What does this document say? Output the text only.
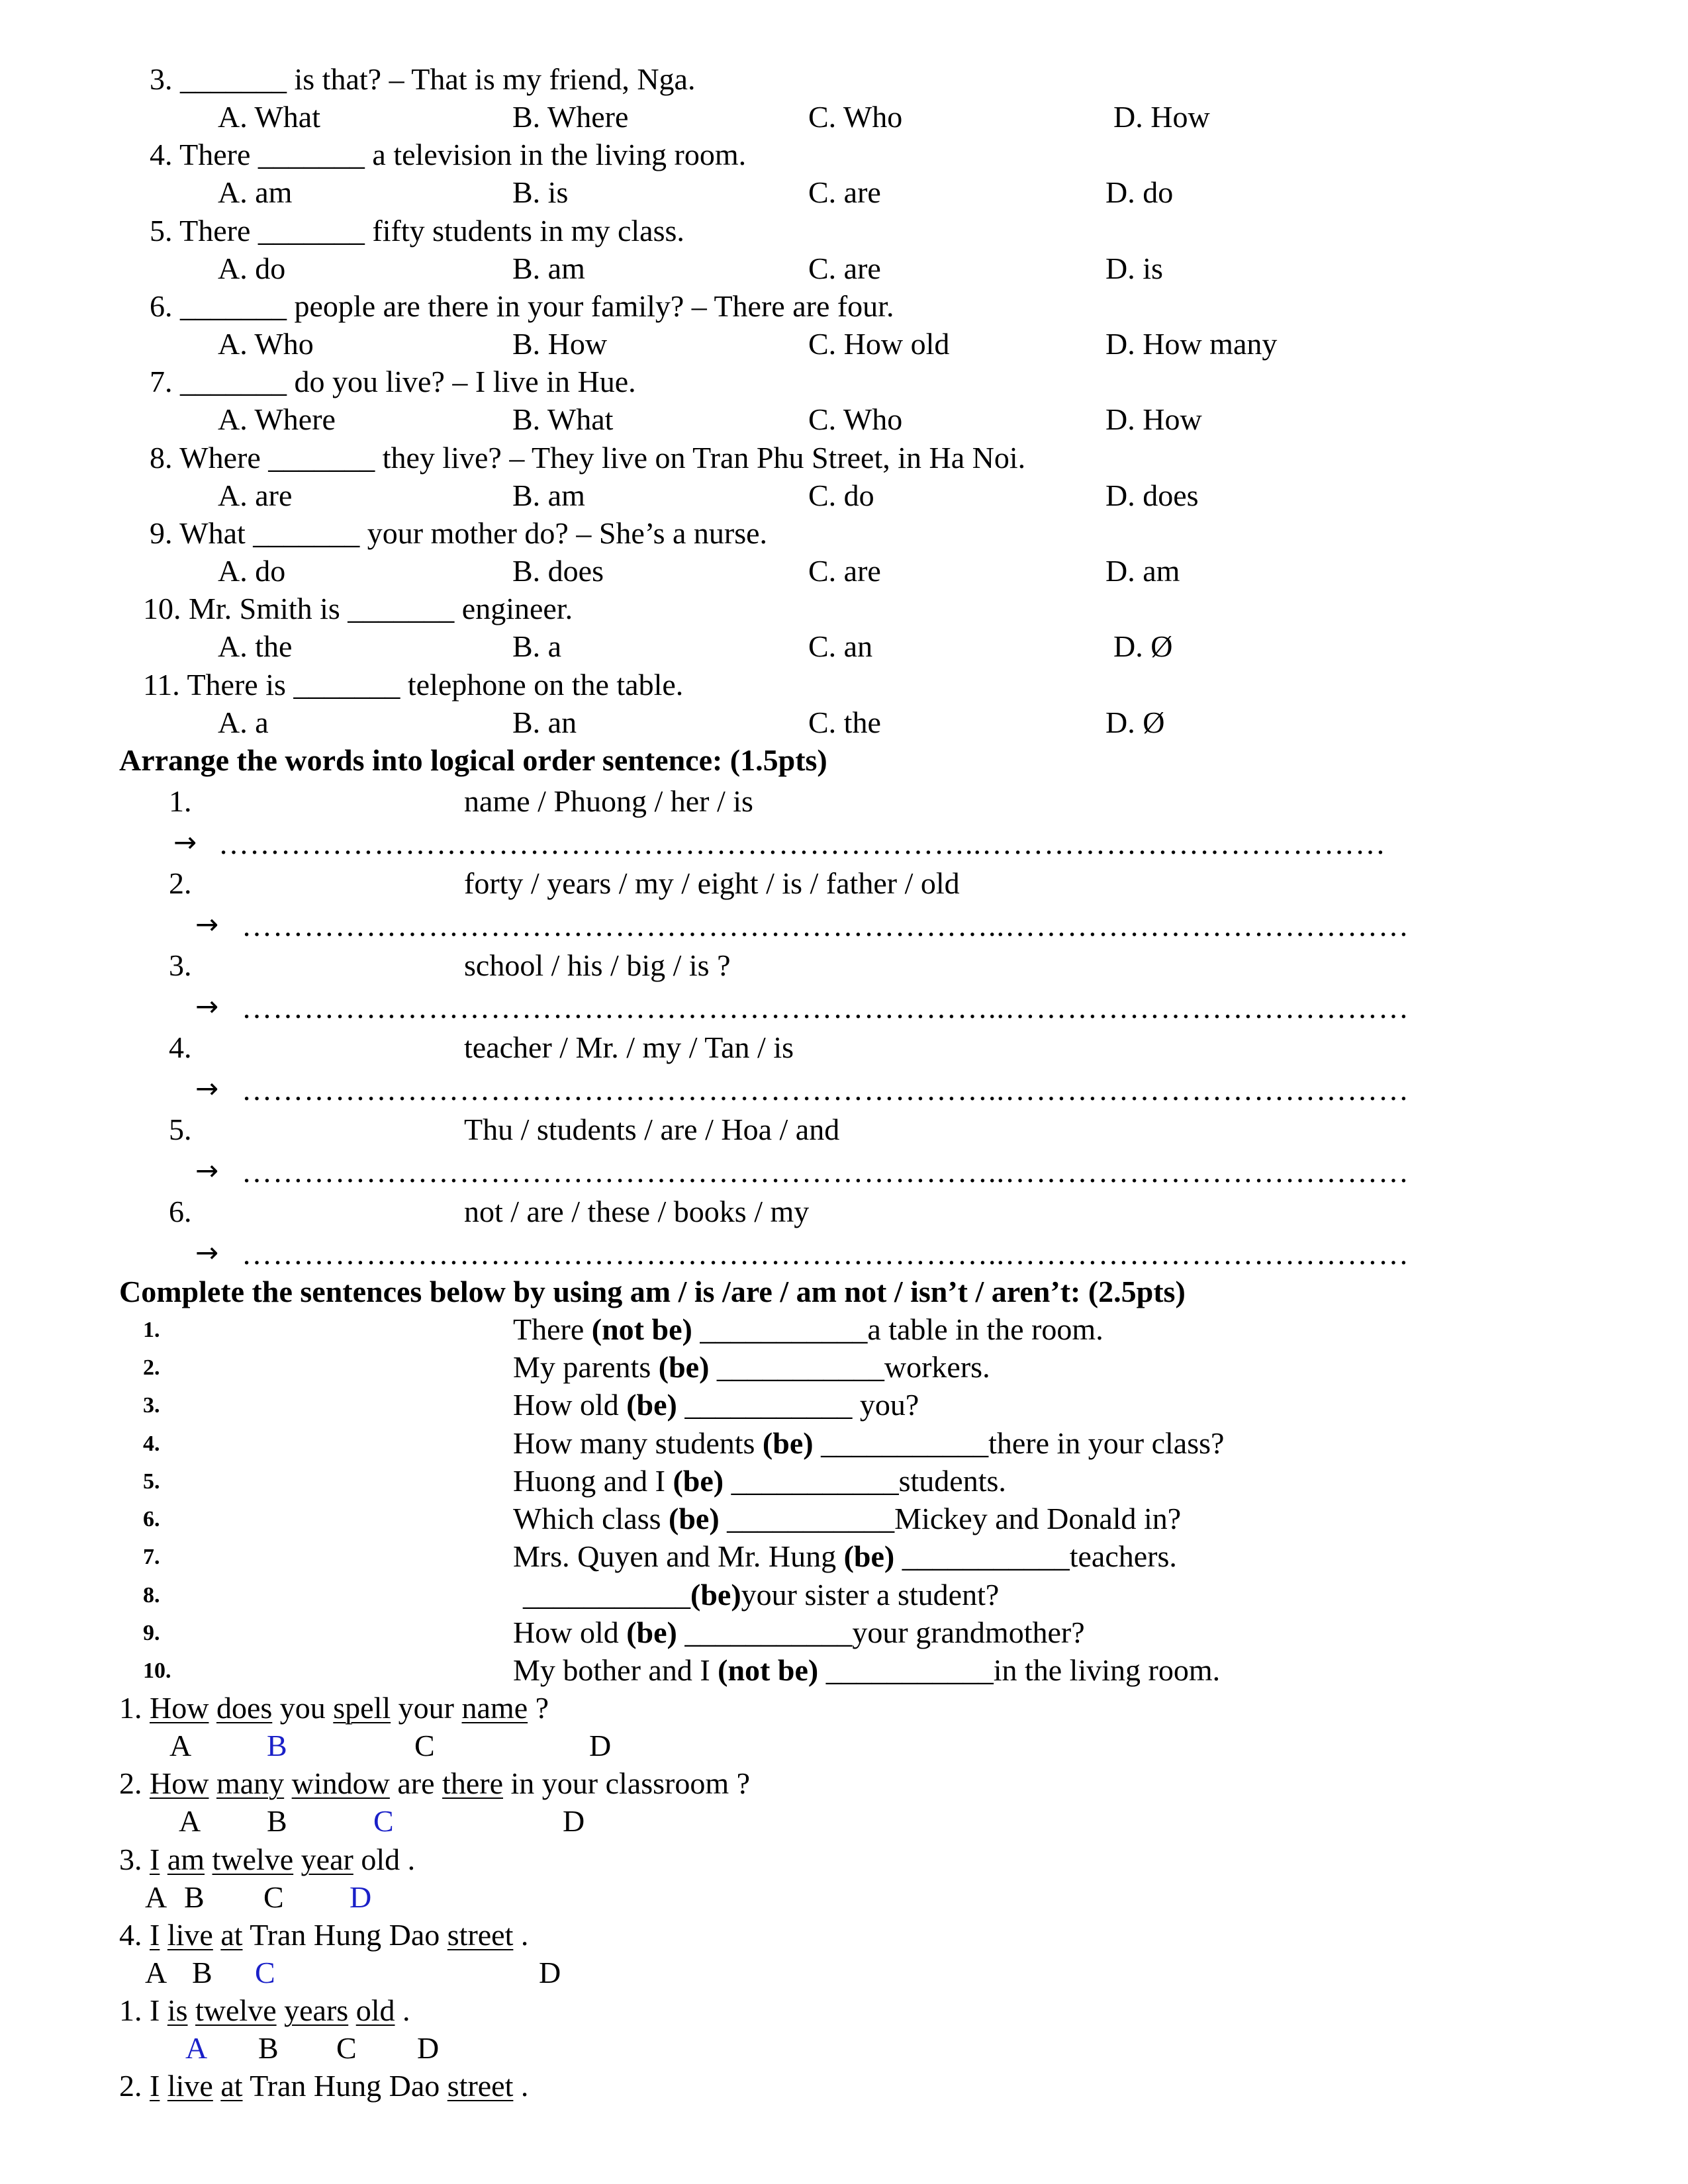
3. _______ is that? – That is my friend, Nga.
A. What	B. Where	C. Who	D. How
4. There _______ a television in the living room.
A. am	B. is	C. are	D. do
5. There _______ fifty students in my class.
A. do	B. am	C. are	D. is
6. _______ people are there in your family? – There are four.
A. Who	B. How	C. How old	D. How many
7. _______ do you live? – I live in Hue.
A. Where	B. What	C. Who	D. How
8. Where _______ they live? – They live on Tran Phu Street, in Ha Noi.
A. are	B. am	C. do	D. does
9. What _______ your mother do? – She’s a nurse.
A. do	B. does	C. are	D. am
10. Mr. Smith is _______ engineer.
A. the	B. a	C. an	D. Ø
11. There is _______ telephone on the table.
A. a	B. an	C. the	D. Ø
Arrange the words into logical order sentence: (1.5pts)
1.	name / Phuong / her / is
→ ………………………………………………………………..…………………………………
2.	forty / years / my / eight / is / father / old
→ ………………………………………………………………..…………………………………
3.	school / his / big / is ?
→ ………………………………………………………………..…………………………………
4.	teacher / Mr. / my / Tan / is
→ ………………………………………………………………..…………………………………
5.	Thu / students / are / Hoa / and
→ ………………………………………………………………..…………………………………
6.	not / are / these / books / my
→ ………………………………………………………………..…………………………………
Complete the sentences below by using am / is /are / am not / isn’t / aren’t: (2.5pts)
1.	There (not be) ___________a table in the room.
2.	My parents (be) ___________workers.
3.	How old (be) ___________ you?
4.	How many students (be) ___________there in your class?
5.	Huong and I (be) ___________students.
6.	Which class (be) ___________Mickey and Donald in?
7.	Mrs. Quyen and Mr. Hung (be) ___________teachers.
8.	___________(be)your sister a student?
9.	How old (be) ___________your grandmother?
10.	My bother and I (not be) ___________in the living room.
1. How does you spell your name ?
A B	C	D
2. How many window are there in your classroom ?
A B	C	D
3. I am twelve year old .
A B C D
4. I live at Tran Hung Dao street .
A B C	D
1. I is twelve years old .
A B C D
2. I live at Tran Hung Dao street .
